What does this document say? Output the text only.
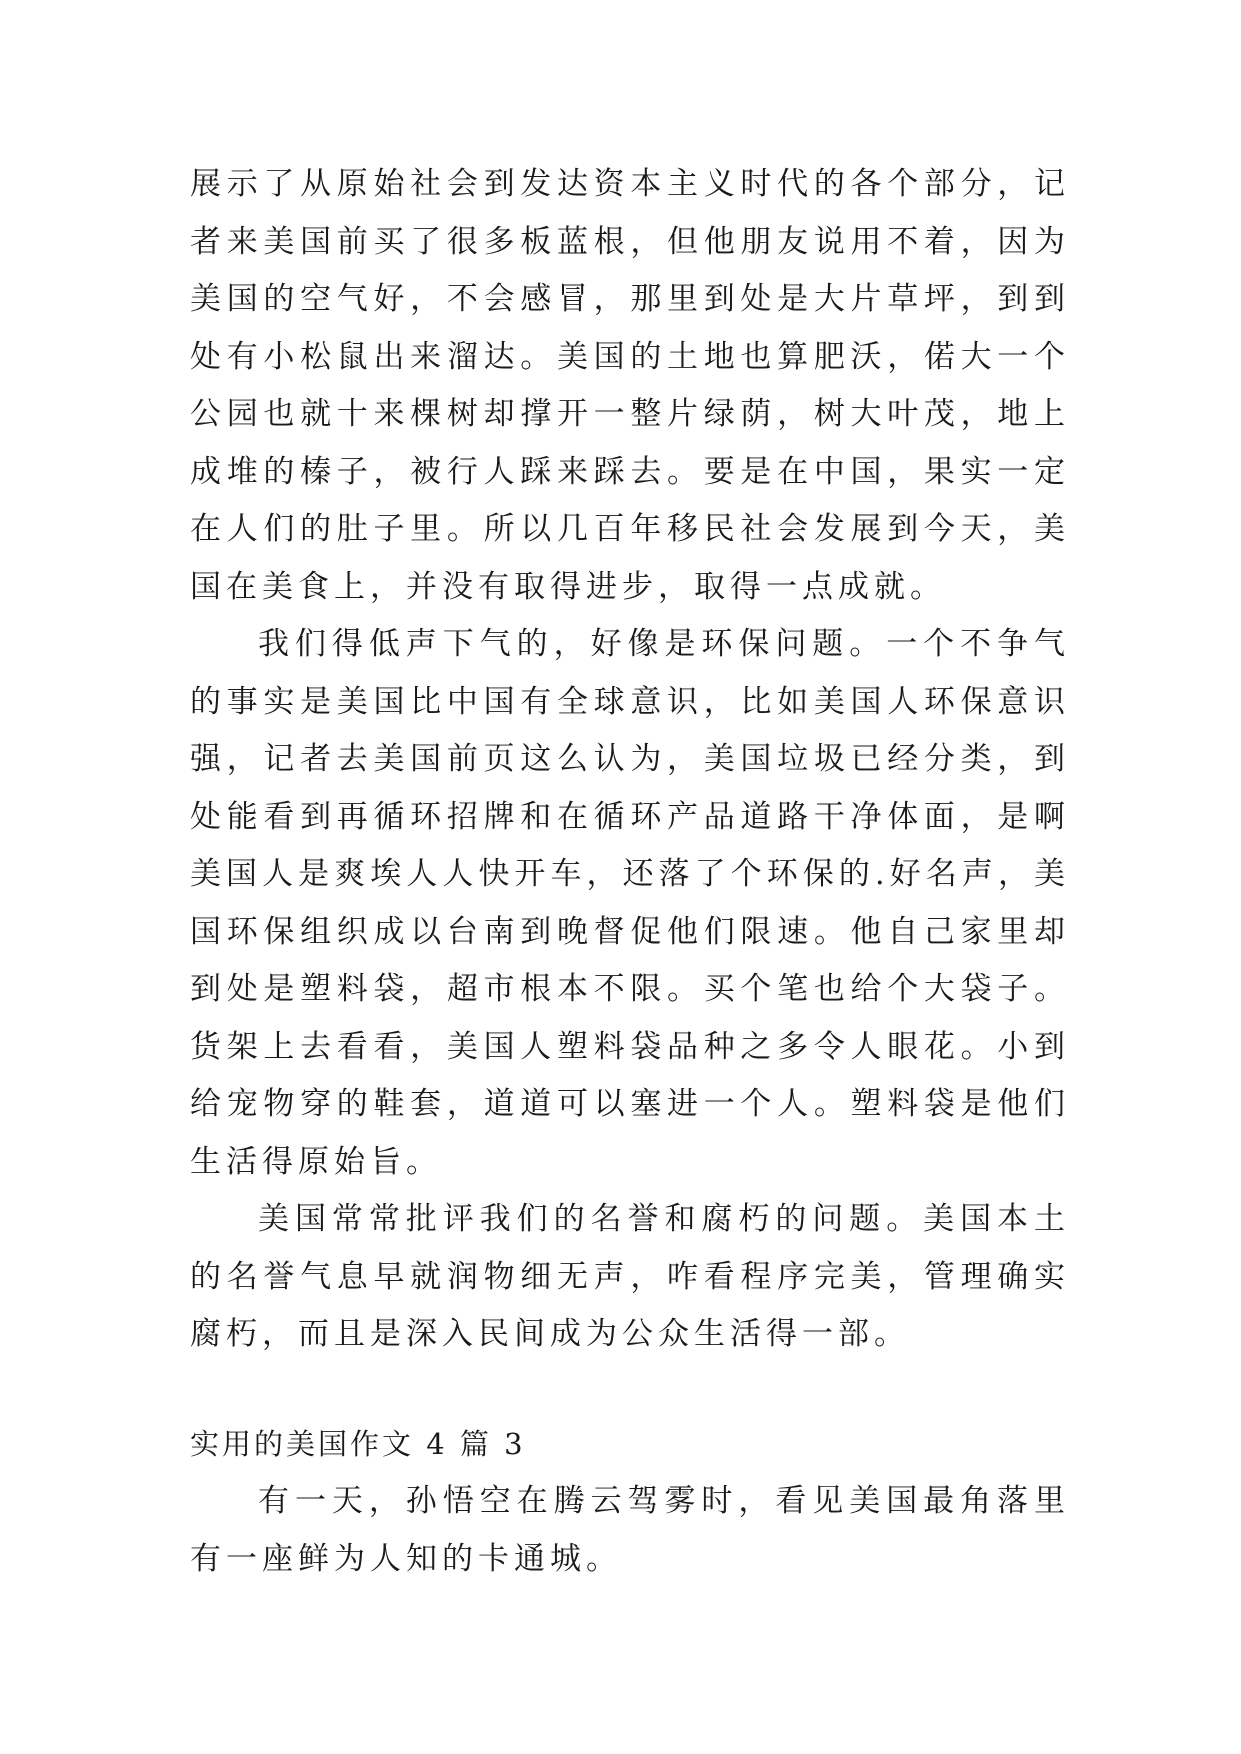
展示了从原始社会到发达资本主义时代的各个部分，记者来美国前买了很多板蓝根，但他朋友说用不着，因为美国的空气好，不会感冒，那里到处是大片草坪，到到处有小松鼠出来溜达。美国的土地也算肥沃，偌大一个公园也就十来棵树却撑开一整片绿荫，树大叶茂，地上成堆的榛子，被行人踩来踩去。要是在中国，果实一定在人们的肚子里。所以几百年移民社会发展到今天，美国在美食上，并没有取得进步，取得一点成就。

我们得低声下气的，好像是环保问题。一个不争气的事实是美国比中国有全球意识，比如美国人环保意识强，记者去美国前页这么认为，美国垃圾已经分类，到处能看到再循环招牌和在循环产品道路干净体面，是啊美国人是爽埃人人快开车，还落了个环保的.好名声，美国环保组织成以台南到晚督促他们限速。他自己家里却到处是塑料袋，超市根本不限。买个笔也给个大袋子。货架上去看看，美国人塑料袋品种之多令人眼花。小到给宠物穿的鞋套，道道可以塞进一个人。塑料袋是他们生活得原始旨。

美国常常批评我们的名誉和腐朽的问题。美国本土的名誉气息早就润物细无声，咋看程序完美，管理确实腐朽，而且是深入民间成为公众生活得一部。

实用的美国作文 4 篇 3

有一天，孙悟空在腾云驾雾时，看见美国最角落里有一座鲜为人知的卡通城。
